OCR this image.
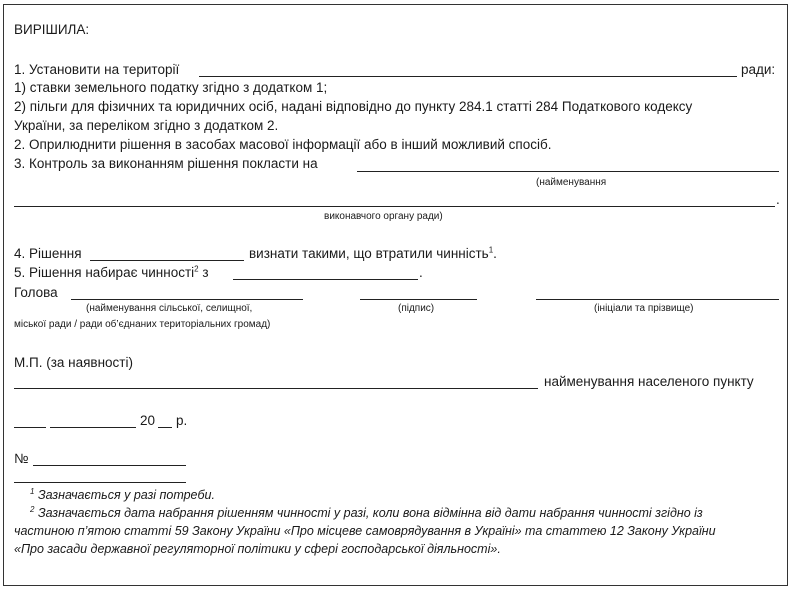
ВИРІШИЛА:
1. Установити на території	ради:
1) ставки земельного податку згідно з додатком 1;
2) пільги для фізичних та юридичних осіб, надані відповідно до пункту 284.1 статті 284 Податкового кодексу
України, за переліком згідно з додатком 2.
2. Оприлюднити рішення в засобах масової інформації або в інший можливий спосіб.
3. Контроль за виконанням рішення покласти на
(найменування
.
виконавчого органу ради)
4. Рішення	визнати такими, що втратили чинність$^1$.
5. Рішення набирає чинності$^2$ з	.
Голова
(найменування сільської, селищної,	(підпис)	(ініціали та прізвище)
міської ради / ради об’єднаних територіальних громад)
М.П. (за наявності)
найменування населеного пункту
20 р.
№
$^1$ Зазначається у разі потреби.
$^2$ Зазначається дата набрання рішенням чинності у разі, коли вона відмінна від дати набрання чинності згідно із
частиною п’ятою статті 59 Закону України «Про місцеве самоврядування в Україні» та статтею 12 Закону України
«Про засади державної регуляторної політики у сфері господарської діяльності».
